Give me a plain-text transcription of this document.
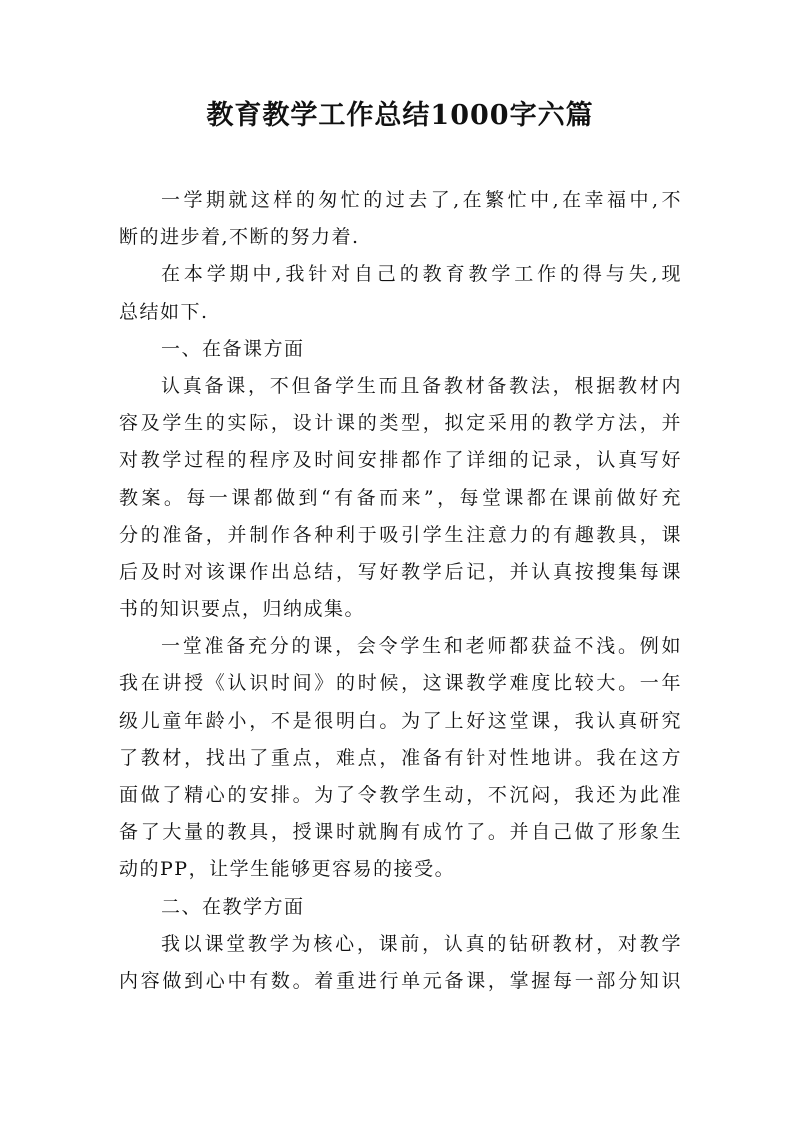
教育教学工作总结1000字六篇
一学期就这样的匆忙的过去了,在繁忙中,在幸福中,不
断的进步着,不断的努力着.
在本学期中,我针对自己的教育教学工作的得与失,现
总结如下.
一、在备课方面
认真备课，不但备学生而且备教材备教法，根据教材内
容及学生的实际，设计课的类型，拟定采用的教学方法，并
对教学过程的程序及时间安排都作了详细的记录，认真写好
教案。每一课都做到“有备而来”，每堂课都在课前做好充
分的准备，并制作各种利于吸引学生注意力的有趣教具，课
后及时对该课作出总结，写好教学后记，并认真按搜集每课
书的知识要点，归纳成集。
一堂准备充分的课，会令学生和老师都获益不浅。例如
我在讲授《认识时间》的时候，这课教学难度比较大。一年
级儿童年龄小，不是很明白。为了上好这堂课，我认真研究
了教材，找出了重点，难点，准备有针对性地讲。我在这方
面做了精心的安排。为了令教学生动，不沉闷，我还为此准
备了大量的教具，授课时就胸有成竹了。并自己做了形象生
动的PP，让学生能够更容易的接受。
二、在教学方面
我以课堂教学为核心，课前，认真的钻研教材，对教学
内容做到心中有数。着重进行单元备课，掌握每一部分知识
